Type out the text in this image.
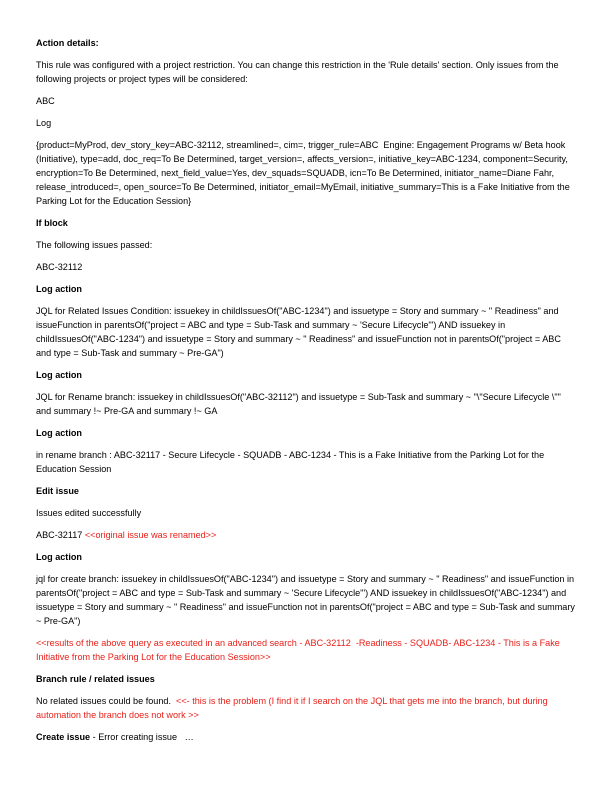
Action details:
This rule was configured with a project restriction. You can change this restriction in the 'Rule details' section. Only issues from the following projects or project types will be considered:
ABC
Log
{product=MyProd, dev_story_key=ABC-32112, streamlined=, cim=, trigger_rule=ABC  Engine: Engagement Programs w/ Beta hook (Initiative), type=add, doc_req=To Be Determined, target_version=, affects_version=, initiative_key=ABC-1234, component=Security, encryption=To Be Determined, next_field_value=Yes, dev_squads=SQUADB, icn=To Be Determined, initiator_name=Diane Fahr, release_introduced=, open_source=To Be Determined, initiator_email=MyEmail, initiative_summary=This is a Fake Initiative from the Parking Lot for the Education Session}
If block
The following issues passed:
ABC-32112
Log action
JQL for Related Issues Condition: issuekey in childIssuesOf("ABC-1234") and issuetype = Story and summary ~ " Readiness" and issueFunction in parentsOf("project = ABC and type = Sub-Task and summary ~ 'Secure Lifecycle'") AND issuekey in childIssuesOf("ABC-1234") and issuetype = Story and summary ~ " Readiness" and issueFunction not in parentsOf("project = ABC and type = Sub-Task and summary ~ Pre-GA")
Log action
JQL for Rename branch: issuekey in childIssuesOf("ABC-32112") and issuetype = Sub-Task and summary ~ "\"Secure Lifecycle \"" and summary !~ Pre-GA and summary !~ GA
Log action
in rename branch : ABC-32117 - Secure Lifecycle - SQUADB - ABC-1234 - This is a Fake Initiative from the Parking Lot for the Education Session
Edit issue
Issues edited successfully
ABC-32117 <<original issue was renamed>>
Log action
jql for create branch: issuekey in childIssuesOf("ABC-1234") and issuetype = Story and summary ~ " Readiness" and issueFunction in parentsOf("project = ABC and type = Sub-Task and summary ~ 'Secure Lifecycle'") AND issuekey in childIssuesOf("ABC-1234") and issuetype = Story and summary ~ " Readiness" and issueFunction not in parentsOf("project = ABC and type = Sub-Task and summary ~ Pre-GA")
<<results of the above query as executed in an advanced search - ABC-32112  -Readiness - SQUADB- ABC-1234 - This is a Fake Initiative from the Parking Lot for the Education Session>>
Branch rule / related issues
No related issues could be found. <<- this is the problem (I find it if I search on the JQL that gets me into the branch, but during automation the branch does not work >>
Create issue - Error creating issue   …
